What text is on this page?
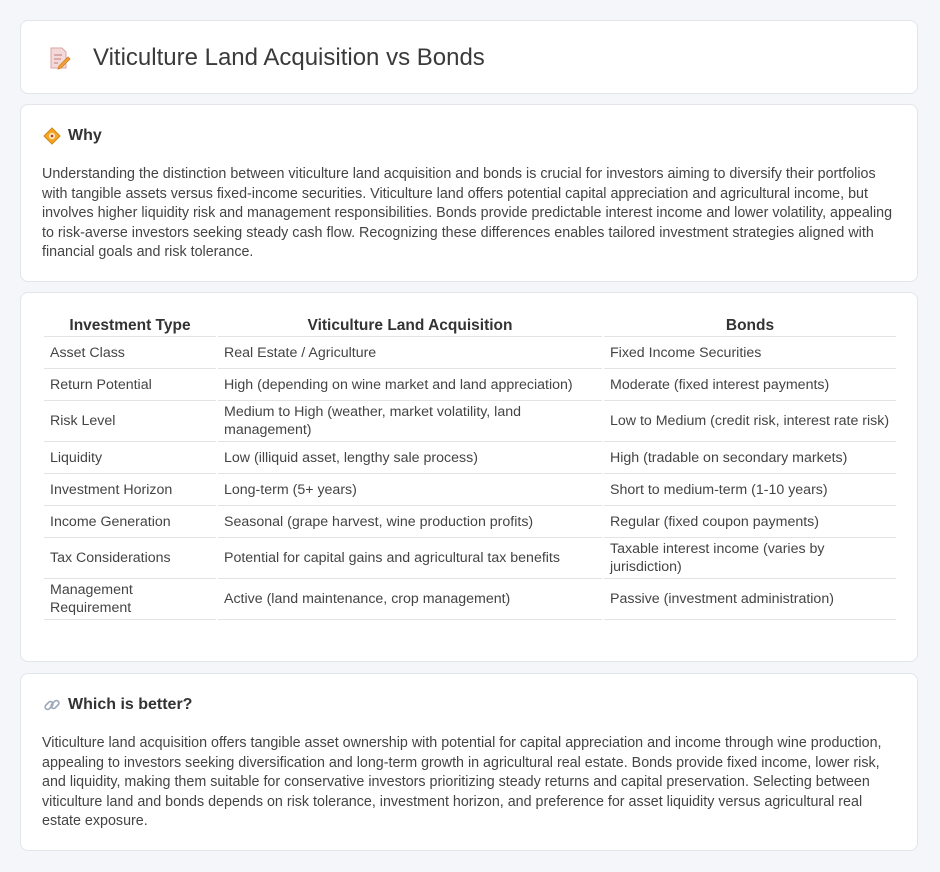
Viticulture Land Acquisition vs Bonds
Why

Understanding the distinction between viticulture land acquisition and bonds is crucial for investors aiming to diversify their portfolios with tangible assets versus fixed-income securities. Viticulture land offers potential capital appreciation and agricultural income, but involves higher liquidity risk and management responsibilities. Bonds provide predictable interest income and lower volatility, appealing to risk-averse investors seeking steady cash flow. Recognizing these differences enables tailored investment strategies aligned with financial goals and risk tolerance.

Investment Type	Viticulture Land Acquisition	Bonds
Asset Class	Real Estate / Agriculture	Fixed Income Securities
Return Potential	High (depending on wine market and land appreciation)	Moderate (fixed interest payments)
Risk Level	Medium to High (weather, market volatility, land management)	Low to Medium (credit risk, interest rate risk)
Liquidity	Low (illiquid asset, lengthy sale process)	High (tradable on secondary markets)
Investment Horizon	Long-term (5+ years)	Short to medium-term (1-10 years)
Income Generation	Seasonal (grape harvest, wine production profits)	Regular (fixed coupon payments)
Tax Considerations	Potential for capital gains and agricultural tax benefits	Taxable interest income (varies by jurisdiction)
Management Requirement	Active (land maintenance, crop management)	Passive (investment administration)
Which is better?

Viticulture land acquisition offers tangible asset ownership with potential for capital appreciation and income through wine production, appealing to investors seeking diversification and long-term growth in agricultural real estate. Bonds provide fixed income, lower risk, and liquidity, making them suitable for conservative investors prioritizing steady returns and capital preservation. Selecting between viticulture land and bonds depends on risk tolerance, investment horizon, and preference for asset liquidity versus agricultural real estate exposure.
